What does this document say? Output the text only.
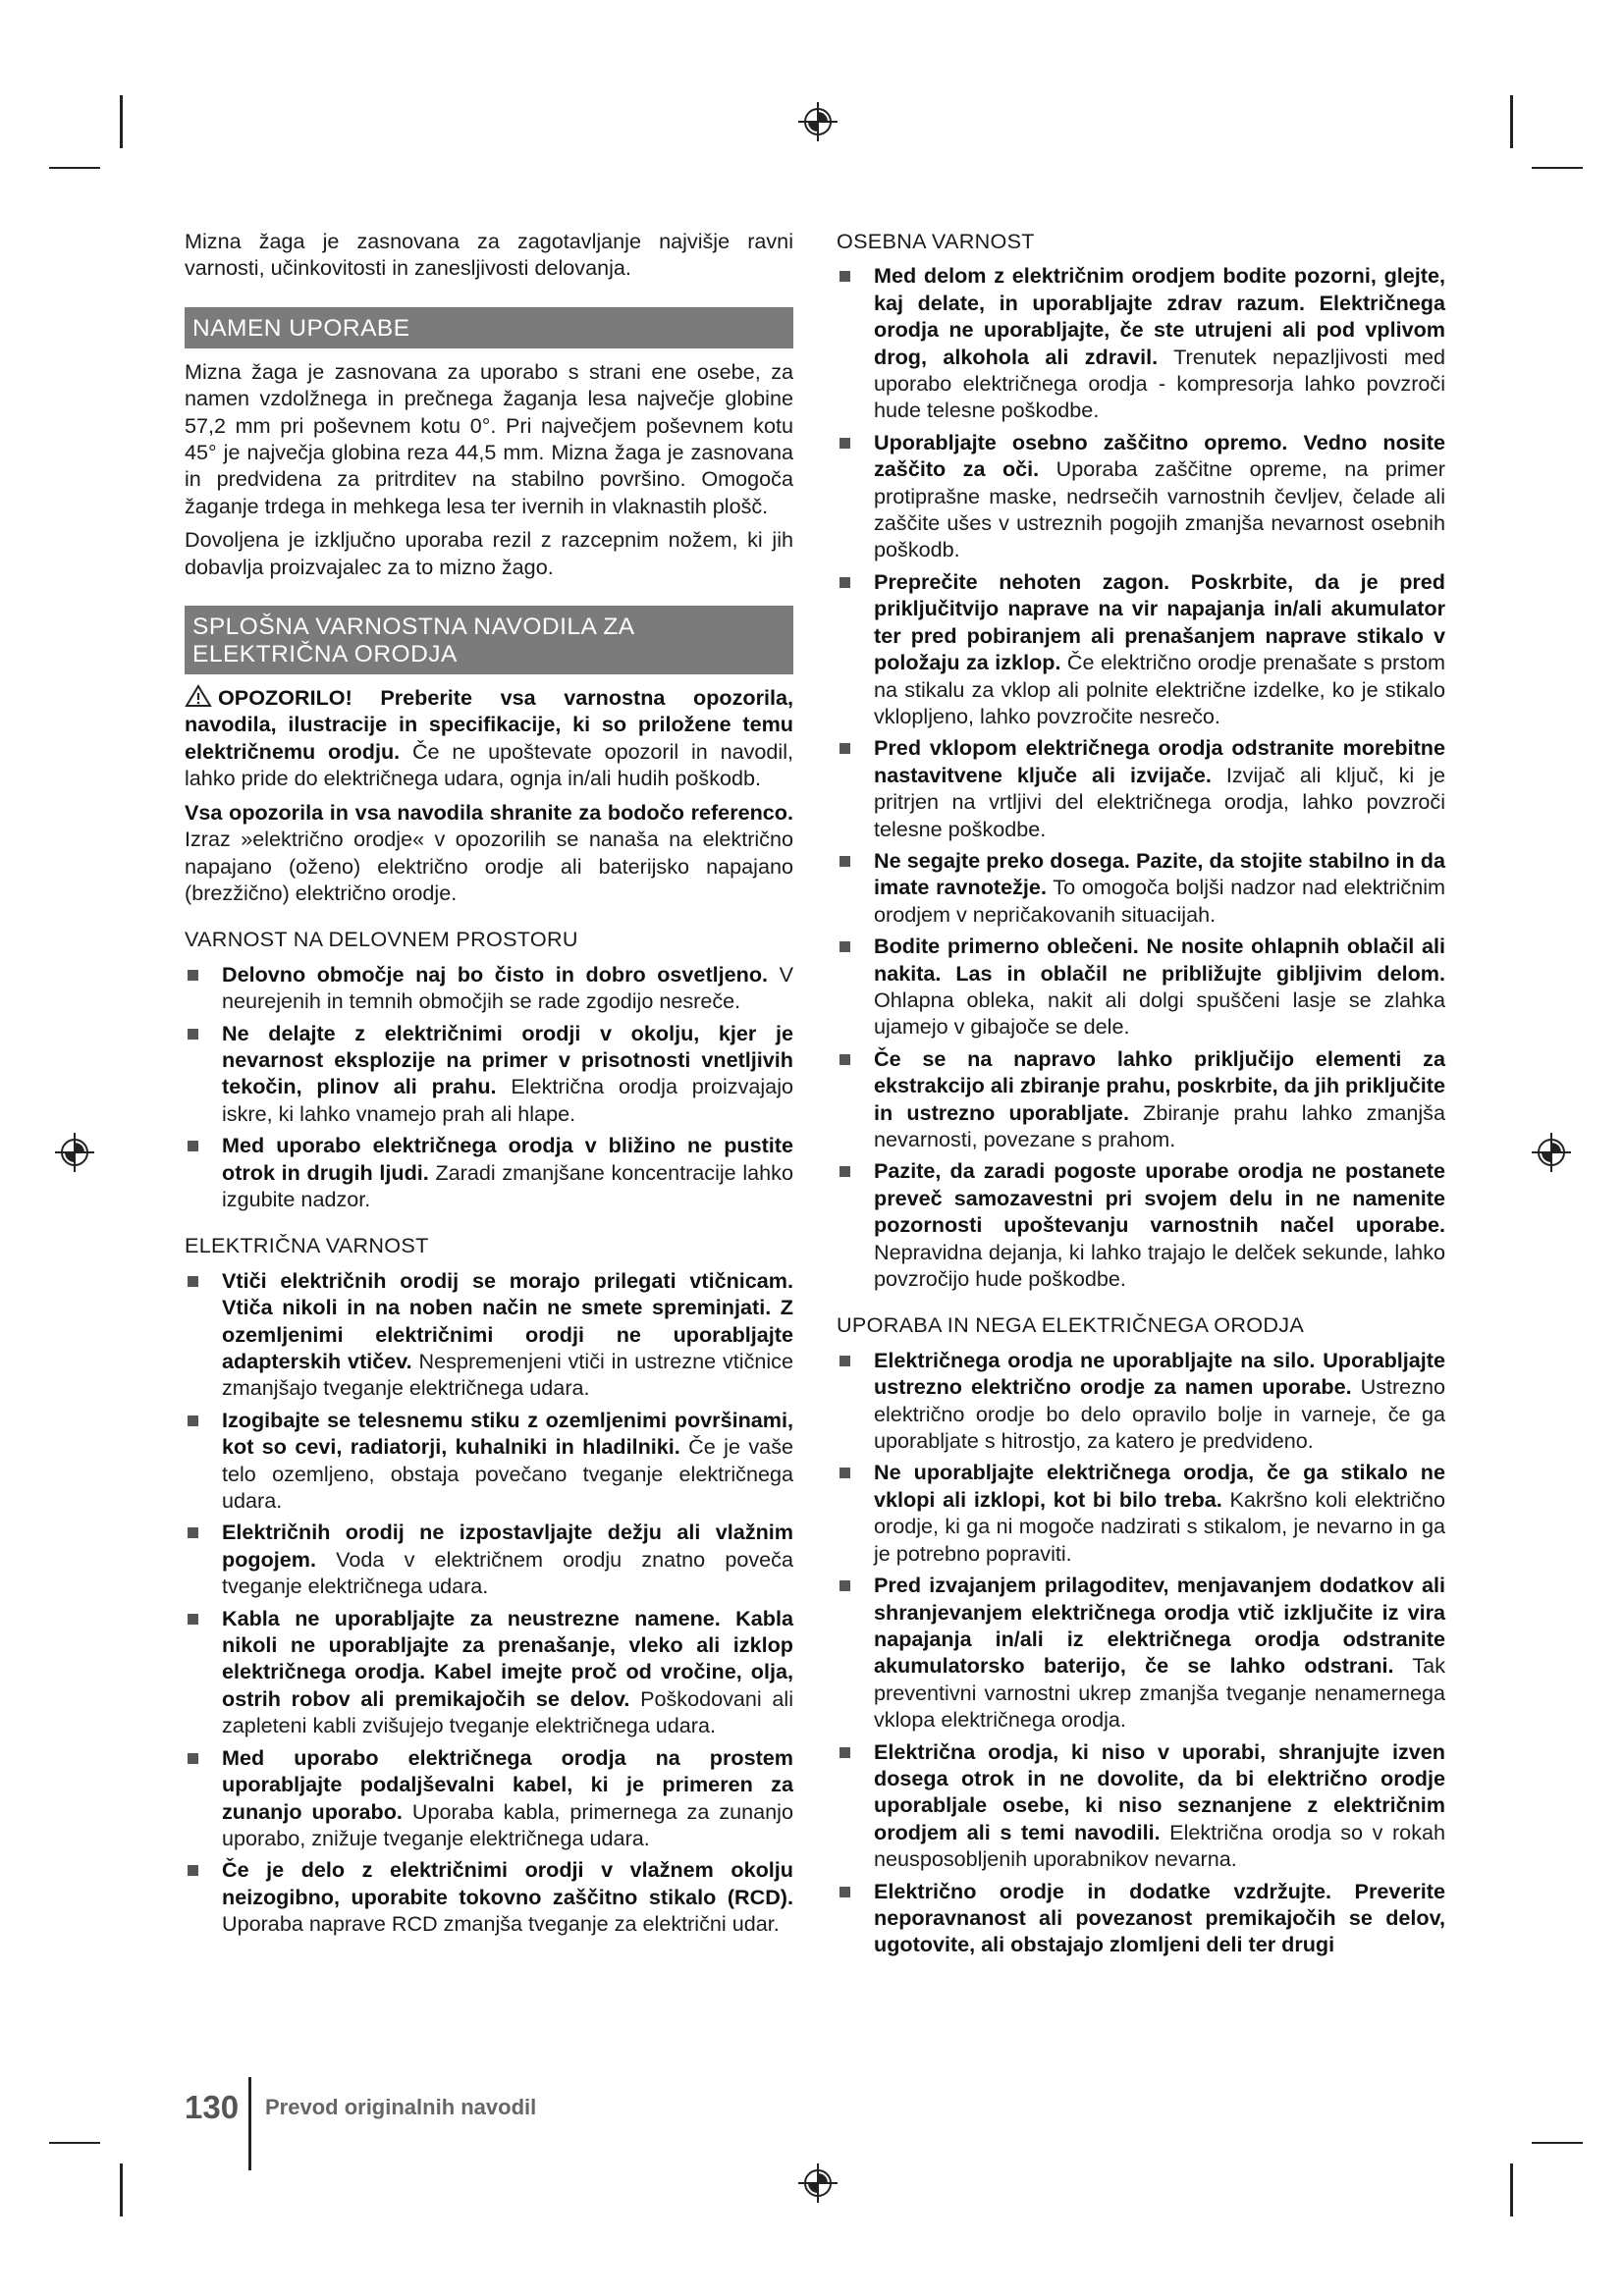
Mizna žaga je zasnovana za zagotavljanje najvišje ravni varnosti, učinkovitosti in zanesljivosti delovanja.

NAMEN UPORABE

Mizna žaga je zasnovana za uporabo s strani ene osebe, za namen vzdolžnega in prečnega žaganja lesa največje globine 57,2 mm pri poševnem kotu 0°. Pri največjem poševnem kotu 45° je največja globina reza 44,5 mm. Mizna žaga je zasnovana in predvidena za pritrditev na stabilno površino. Omogoča žaganje trdega in mehkega lesa ter ivernih in vlaknastih plošč.

Dovoljena je izključno uporaba rezil z razcepnim nožem, ki jih dobavlja proizvajalec za to mizno žago.

SPLOŠNA VARNOSTNA NAVODILA ZA ELEKTRIČNA ORODJA

OPOZORILO! Preberite vsa varnostna opozorila, navodila, ilustracije in specifikacije, ki so priložene temu električnemu orodju. Če ne upoštevate opozoril in navodil, lahko pride do električnega udara, ognja in/ali hudih poškodb.

Vsa opozorila in vsa navodila shranite za bodočo referenco. Izraz »električno orodje« v opozorilih se nanaša na električno napajano (oženo) električno orodje ali baterijsko napajano (brezžično) električno orodje.

VARNOST NA DELOVNEM PROSTORU
Delovno območje naj bo čisto in dobro osvetljeno. V neurejenih in temnih območjih se rade zgodijo nesreče.
Ne delajte z električnimi orodji v okolju, kjer je nevarnost eksplozije na primer v prisotnosti vnetljivih tekočin, plinov ali prahu. Električna orodja proizvajajo iskre, ki lahko vnamejo prah ali hlape.
Med uporabo električnega orodja v bližino ne pustite otrok in drugih ljudi. Zaradi zmanjšane koncentracije lahko izgubite nadzor.
ELEKTRIČNA VARNOST
Vtiči električnih orodij se morajo prilegati vtičnicam. Vtiča nikoli in na noben način ne smete spreminjati. Z ozemljenimi električnimi orodji ne uporabljajte adapterskih vtičev. Nespremenjeni vtiči in ustrezne vtičnice zmanjšajo tveganje električnega udara.
Izogibajte se telesnemu stiku z ozemljenimi površinami, kot so cevi, radiatorji, kuhalniki in hladilniki. Če je vaše telo ozemljeno, obstaja povečano tveganje električnega udara.
Električnih orodij ne izpostavljajte dežju ali vlažnim pogojem. Voda v električnem orodju znatno poveča tveganje električnega udara.
Kabla ne uporabljajte za neustrezne namene. Kabla nikoli ne uporabljajte za prenašanje, vleko ali izklop električnega orodja. Kabel imejte proč od vročine, olja, ostrih robov ali premikajočih se delov. Poškodovani ali zapleteni kabli zvišujejo tveganje električnega udara.
Med uporabo električnega orodja na prostem uporabljajte podaljševalni kabel, ki je primeren za zunanjo uporabo. Uporaba kabla, primernega za zunanjo uporabo, znižuje tveganje električnega udara.
Če je delo z električnimi orodji v vlažnem okolju neizogibno, uporabite tokovno zaščitno stikalo (RCD). Uporaba naprave RCD zmanjša tveganje za električni udar.
OSEBNA VARNOST
Med delom z električnim orodjem bodite pozorni, glejte, kaj delate, in uporabljajte zdrav razum. Električnega orodja ne uporabljajte, če ste utrujeni ali pod vplivom drog, alkohola ali zdravil. Trenutek nepazljivosti med uporabo električnega orodja - kompresorja lahko povzroči hude telesne poškodbe.
Uporabljajte osebno zaščitno opremo. Vedno nosite zaščito za oči. Uporaba zaščitne opreme, na primer protiprašne maske, nedrsečih varnostnih čevljev, čelade ali zaščite ušes v ustreznih pogojih zmanjša nevarnost osebnih poškodb.
Preprečite nehoten zagon. Poskrbite, da je pred priključitvijo naprave na vir napajanja in/ali akumulator ter pred pobiranjem ali prenašanjem naprave stikalo v položaju za izklop. Če električno orodje prenašate s prstom na stikalu za vklop ali polnite električne izdelke, ko je stikalo vklopljeno, lahko povzročite nesrečo.
Pred vklopom električnega orodja odstranite morebitne nastavitvene ključe ali izvijače. Izvijač ali ključ, ki je pritrjen na vrtljivi del električnega orodja, lahko povzroči telesne poškodbe.
Ne segajte preko dosega. Pazite, da stojite stabilno in da imate ravnotežje. To omogoča boljši nadzor nad električnim orodjem v nepričakovanih situacijah.
Bodite primerno oblečeni. Ne nosite ohlapnih oblačil ali nakita. Las in oblačil ne približujte gibljivim delom. Ohlapna obleka, nakit ali dolgi spuščeni lasje se zlahka ujamejo v gibajoče se dele.
Če se na napravo lahko priključijo elementi za ekstrakcijo ali zbiranje prahu, poskrbite, da jih priključite in ustrezno uporabljate. Zbiranje prahu lahko zmanjša nevarnosti, povezane s prahom.
Pazite, da zaradi pogoste uporabe orodja ne postanete preveč samozavestni pri svojem delu in ne namenite pozornosti upoštevanju varnostnih načel uporabe. Nepravidna dejanja, ki lahko trajajo le delček sekunde, lahko povzročijo hude poškodbe.
UPORABA IN NEGA ELEKTRIČNEGA ORODJA
Električnega orodja ne uporabljajte na silo. Uporabljajte ustrezno električno orodje za namen uporabe. Ustrezno električno orodje bo delo opravilo bolje in varneje, če ga uporabljate s hitrostjo, za katero je predvideno.
Ne uporabljajte električnega orodja, če ga stikalo ne vklopi ali izklopi, kot bi bilo treba. Kakršno koli električno orodje, ki ga ni mogoče nadzirati s stikalom, je nevarno in ga je potrebno popraviti.
Pred izvajanjem prilagoditev, menjavanjem dodatkov ali shranjevanjem električnega orodja vtič izključite iz vira napajanja in/ali iz električnega orodja odstranite akumulatorsko baterijo, če se lahko odstrani. Tak preventivni varnostni ukrep zmanjša tveganje nenamernega vklopa električnega orodja.
Električna orodja, ki niso v uporabi, shranjujte izven dosega otrok in ne dovolite, da bi električno orodje uporabljale osebe, ki niso seznanjene z električnim orodjem ali s temi navodili. Električna orodja so v rokah neusposobljenih uporabnikov nevarna.
Električno orodje in dodatke vzdržujte. Preverite neporavnanost ali povezanost premikajočih se delov, ugotovite, ali obstajajo zlomljeni deli ter drugi
130 Prevod originalnih navodil
